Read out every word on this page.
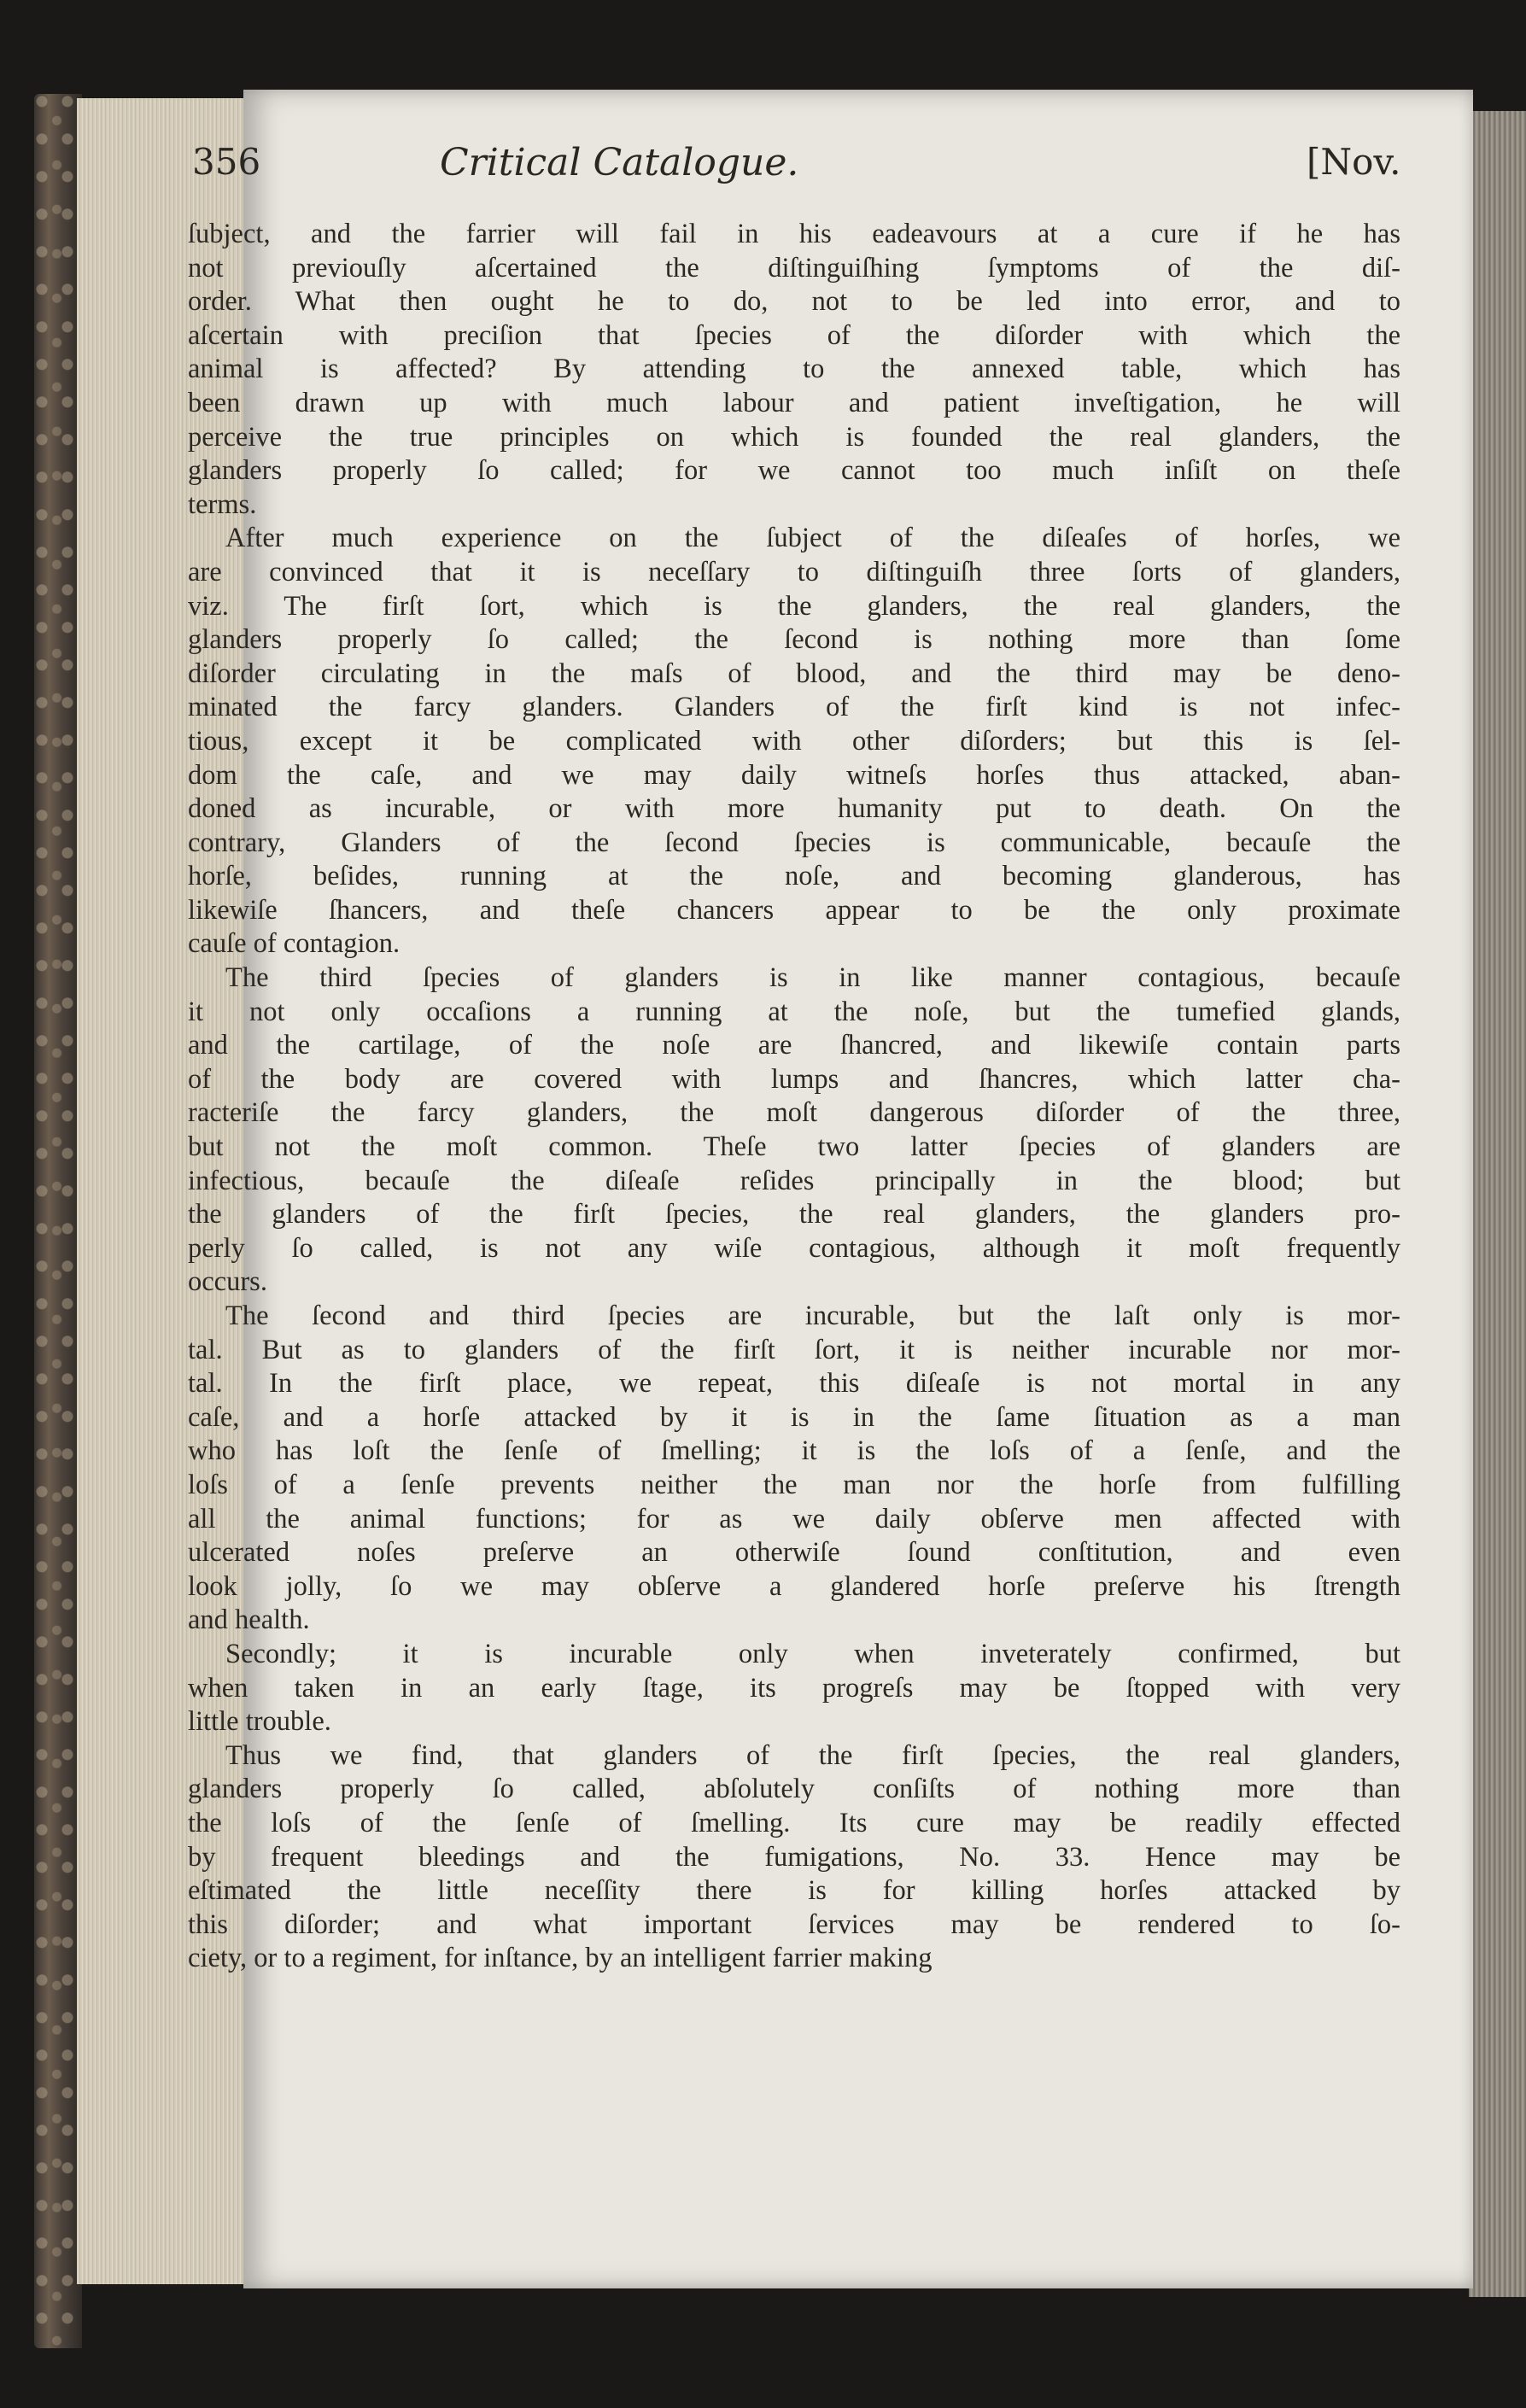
356	Critical Catalogue.	[Nov.
ſubject, and the farrier will fail in his eadeavours at a cure if he has
not previouſly aſcertained the diſtinguiſhing ſymptoms of the diſ-
order. What then ought he to do, not to be led into error, and to
aſcertain with preciſion that ſpecies of the diſorder with which the
animal is affected? By attending to the annexed table, which has
been drawn up with much labour and patient inveſtigation, he will
perceive the true principles on which is founded the real glanders, the
glanders properly ſo called; for we cannot too much inſiſt on theſe
terms.
After much experience on the ſubject of the diſeaſes of horſes, we
are convinced that it is neceſſary to diſtinguiſh three ſorts of glanders,
viz. The firſt ſort, which is the glanders, the real glanders, the
glanders properly ſo called; the ſecond is nothing more than ſome
diſorder circulating in the maſs of blood, and the third may be deno-
minated the farcy glanders. Glanders of the firſt kind is not infec-
tious, except it be complicated with other diſorders; but this is ſel-
dom the caſe, and we may daily witneſs horſes thus attacked, aban-
doned as incurable, or with more humanity put to death. On the
contrary, Glanders of the ſecond ſpecies is communicable, becauſe the
horſe, beſides, running at the noſe, and becoming glanderous, has
likewiſe ſhancers, and theſe chancers appear to be the only proximate
cauſe of contagion.
The third ſpecies of glanders is in like manner contagious, becauſe
it not only occaſions a running at the noſe, but the tumefied glands,
and the cartilage, of the noſe are ſhancred, and likewiſe contain parts
of the body are covered with lumps and ſhancres, which latter cha-
racteriſe the farcy glanders, the moſt dangerous diſorder of the three,
but not the moſt common. Theſe two latter ſpecies of glanders are
infectious, becauſe the diſeaſe reſides principally in the blood; but
the glanders of the firſt ſpecies, the real glanders, the glanders pro-
perly ſo called, is not any wiſe contagious, although it moſt frequently
occurs.
The ſecond and third ſpecies are incurable, but the laſt only is mor-
tal. But as to glanders of the firſt ſort, it is neither incurable nor mor-
tal. In the firſt place, we repeat, this diſeaſe is not mortal in any
caſe, and a horſe attacked by it is in the ſame ſituation as a man
who has loſt the ſenſe of ſmelling; it is the loſs of a ſenſe, and the
loſs of a ſenſe prevents neither the man nor the horſe from fulfilling
all the animal functions; for as we daily obſerve men affected with
ulcerated noſes preſerve an otherwiſe ſound conſtitution, and even
look jolly, ſo we may obſerve a glandered horſe preſerve his ſtrength
and health.
Secondly; it is incurable only when inveterately confirmed, but
when taken in an early ſtage, its progreſs may be ſtopped with very
little trouble.
Thus we find, that glanders of the firſt ſpecies, the real glanders,
glanders properly ſo called, abſolutely conſiſts of nothing more than
the loſs of the ſenſe of ſmelling. Its cure may be readily effected
by frequent bleedings and the fumigations, No. 33. Hence may be
eſtimated the little neceſſity there is for killing horſes attacked by
this diſorder; and what important ſervices may be rendered to ſo-
ciety, or to a regiment, for inſtance, by an intelligent farrier making
